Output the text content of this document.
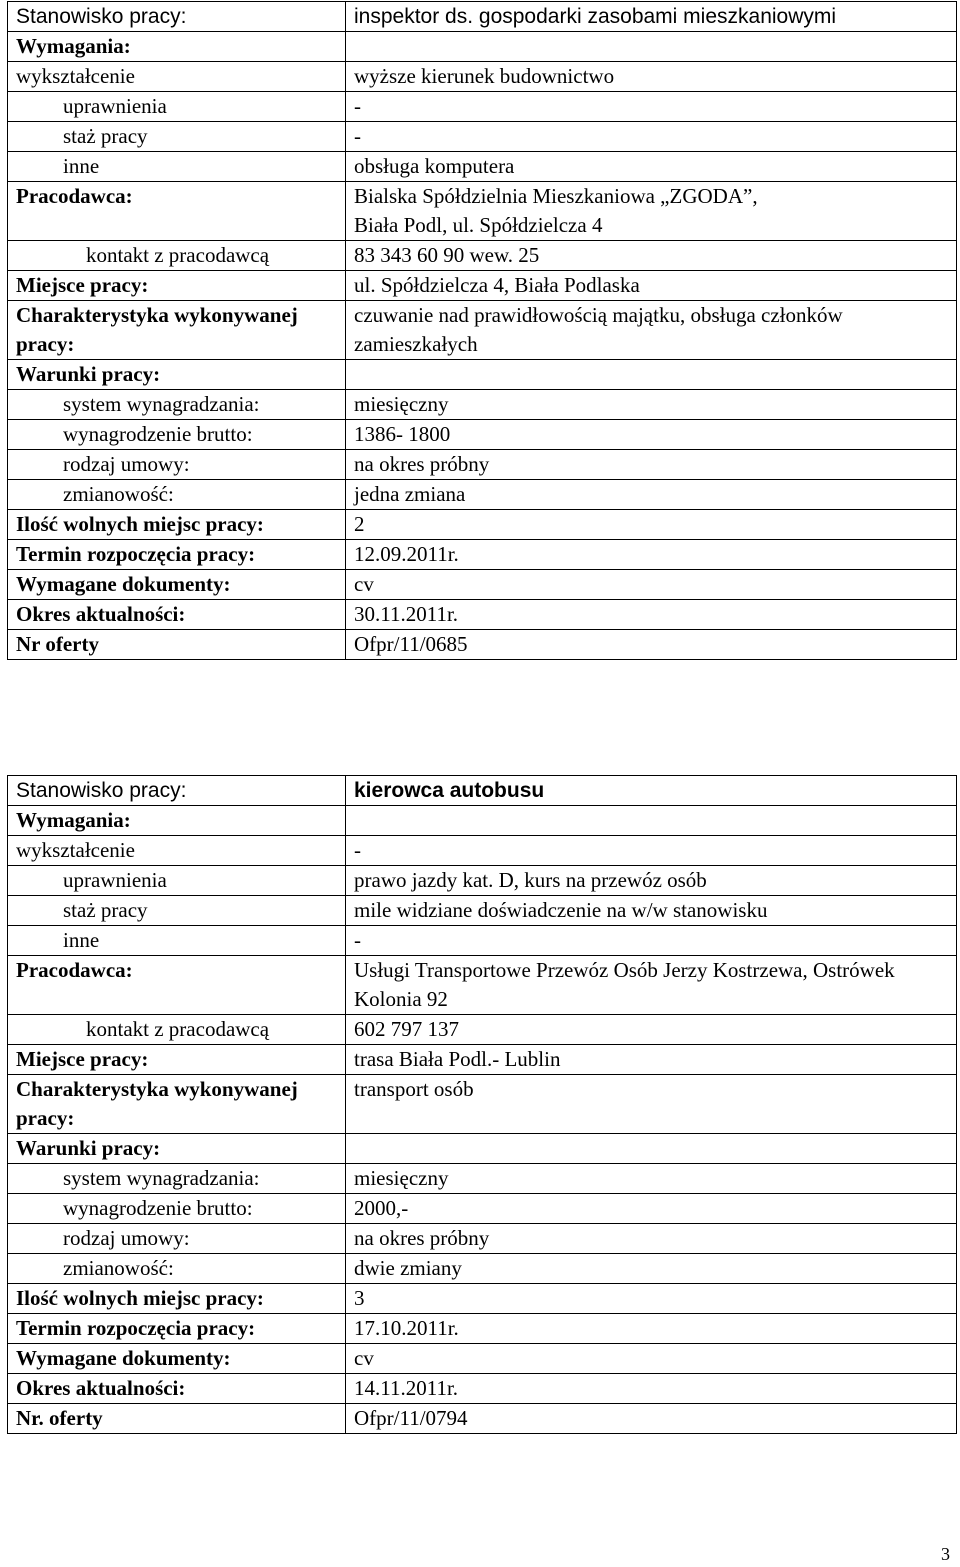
Stanowisko pracy:	inspektor ds. gospodarki zasobami mieszkaniowymi
Wymagania:	
wykształcenie	wyższe kierunek budownictwo
uprawnienia	-
staż pracy	-
inne	obsługa komputera
Pracodawca:	Bialska Spółdzielnia Mieszkaniowa „ZGODA”,
Biała Podl, ul. Spółdzielcza 4

kontakt z pracodawcą	83 343 60 90 wew. 25
Miejsce pracy:	ul. Spółdzielcza 4, Biała Podlaska
Charakterystyka wykonywanej pracy:	czuwanie nad prawidłowością majątku, obsługa członków zamieszkałych
Warunki pracy:	
system wynagradzania:	miesięczny
wynagrodzenie brutto:	1386- 1800
rodzaj umowy:	na okres próbny
zmianowość:	jedna zmiana
Ilość wolnych miejsc pracy:	2
Termin rozpoczęcia pracy:	12.09.2011r.
Wymagane dokumenty:	cv
Okres aktualności:	30.11.2011r.
Nr oferty	Ofpr/11/0685
Stanowisko pracy:	kierowca autobusu
Wymagania:	
wykształcenie	-
uprawnienia	prawo jazdy kat. D, kurs na przewóz osób
staż pracy	mile widziane doświadczenie na w/w stanowisku
inne	-
Pracodawca:	Usługi Transportowe Przewóz Osób Jerzy Kostrzewa, Ostrówek Kolonia 92
kontakt z pracodawcą	602 797 137
Miejsce pracy:	trasa Biała Podl.- Lublin
Charakterystyka wykonywanej pracy:	transport osób
Warunki pracy:	
system wynagradzania:	miesięczny
wynagrodzenie brutto:	2000,-
rodzaj umowy:	na okres próbny
zmianowość:	dwie zmiany
Ilość wolnych miejsc pracy:	3
Termin rozpoczęcia pracy:	17.10.2011r.
Wymagane dokumenty:	cv
Okres aktualności:	14.11.2011r.
Nr. oferty	Ofpr/11/0794
3
